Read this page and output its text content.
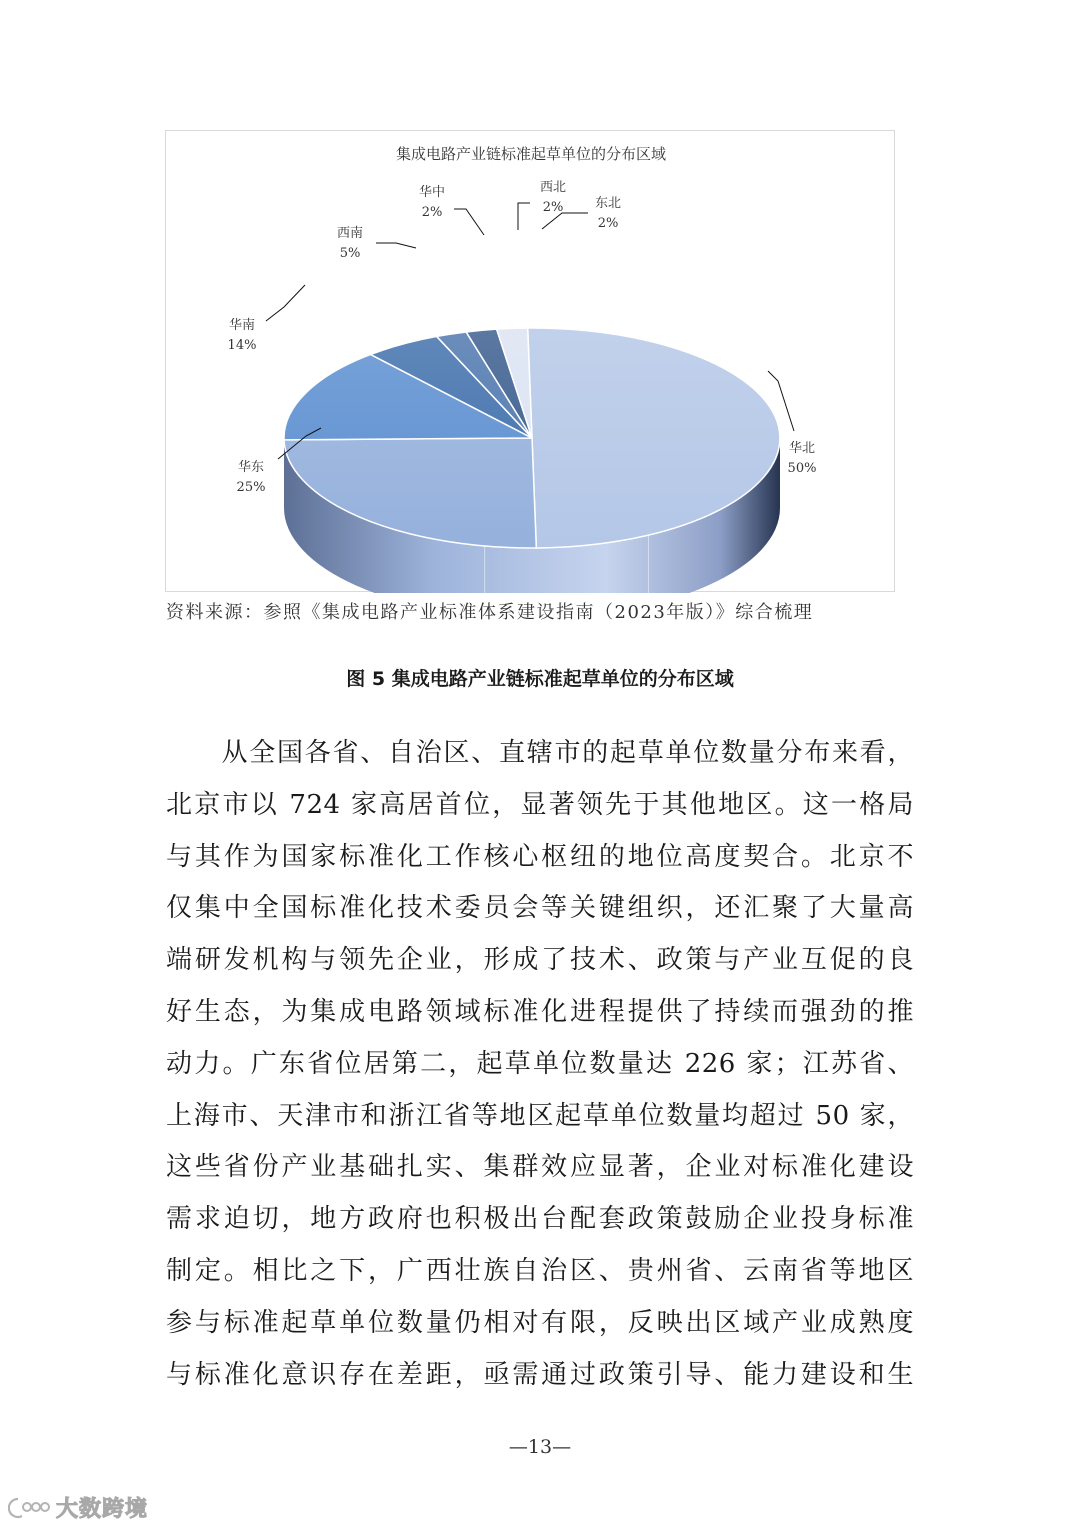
集成电路产业链标准起草单位的分布区域
华北
50%
华东
25%
华南
14%
西南
5%
华中
2%
西北
2% 东北
2%
资料来源：参照《集成电路产业标准体系建设指南（2023年版）》综合梳理
图 5 集成电路产业链标准起草单位的分布区域
　　从全国各省、自治区、直辖市的起草单位数量分布来看，
北京市以 724 家高居首位，显著领先于其他地区。这一格局
与其作为国家标准化工作核心枢纽的地位高度契合。北京不
仅集中全国标准化技术委员会等关键组织，还汇聚了大量高
端研发机构与领先企业，形成了技术、政策与产业互促的良
好生态，为集成电路领域标准化进程提供了持续而强劲的推
动力。广东省位居第二，起草单位数量达 226 家；江苏省、
上海市、天津市和浙江省等地区起草单位数量均超过 50 家，
这些省份产业基础扎实、集群效应显著，企业对标准化建设
需求迫切，地方政府也积极出台配套政策鼓励企业投身标准
制定。相比之下，广西壮族自治区、贵州省、云南省等地区
参与标准起草单位数量仍相对有限，反映出区域产业成熟度
与标准化意识存在差距，亟需通过政策引导、能力建设和生
—13—
大数跨境
